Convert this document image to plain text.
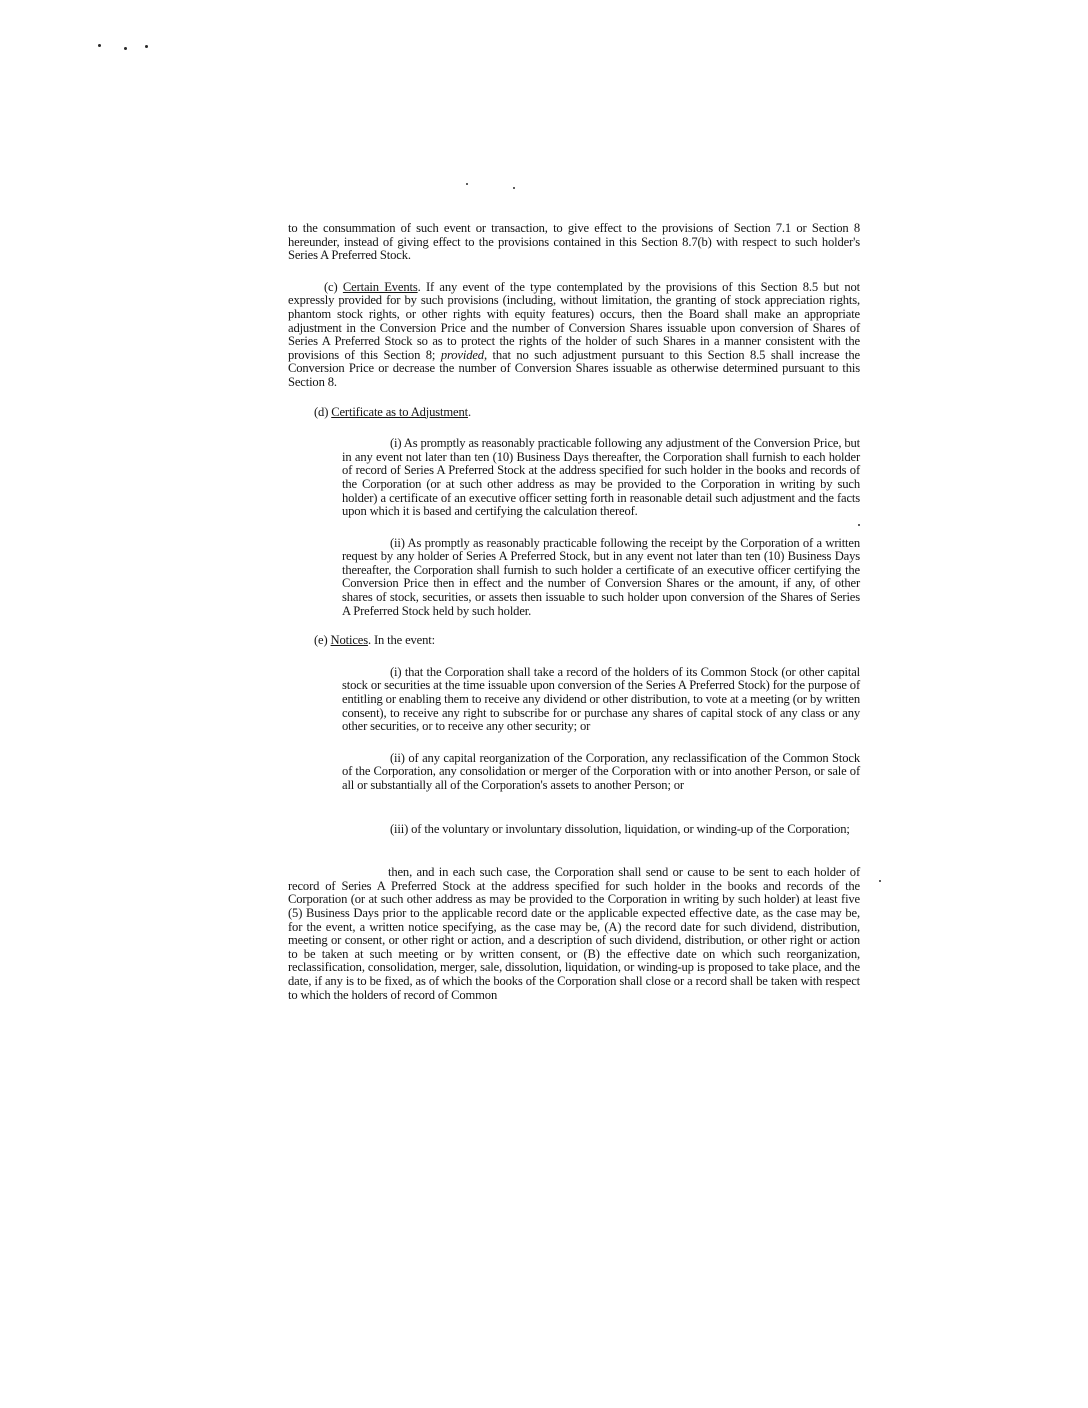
to the consummation of such event or transaction, to give effect to the provisions of Section 7.1 or Section 8 hereunder, instead of giving effect to the provisions contained in this Section 8.7(b) with respect to such holder's Series A Preferred Stock.

(c) Certain Events. If any event of the type contemplated by the provisions of this Section 8.5 but not expressly provided for by such provisions (including, without limitation, the granting of stock appreciation rights, phantom stock rights, or other rights with equity features) occurs, then the Board shall make an appropriate adjustment in the Conversion Price and the number of Conversion Shares issuable upon conversion of Shares of Series A Preferred Stock so as to protect the rights of the holder of such Shares in a manner consistent with the provisions of this Section 8; provided, that no such adjustment pursuant to this Section 8.5 shall increase the Conversion Price or decrease the number of Conversion Shares issuable as otherwise determined pursuant to this Section 8.

(d) Certificate as to Adjustment.

(i) As promptly as reasonably practicable following any adjustment of the Conversion Price, but in any event not later than ten (10) Business Days thereafter, the Corporation shall furnish to each holder of record of Series A Preferred Stock at the address specified for such holder in the books and records of the Corporation (or at such other address as may be provided to the Corporation in writing by such holder) a certificate of an executive officer setting forth in reasonable detail such adjustment and the facts upon which it is based and certifying the calculation thereof.

(ii) As promptly as reasonably practicable following the receipt by the Corporation of a written request by any holder of Series A Preferred Stock, but in any event not later than ten (10) Business Days thereafter, the Corporation shall furnish to such holder a certificate of an executive officer certifying the Conversion Price then in effect and the number of Conversion Shares or the amount, if any, of other shares of stock, securities, or assets then issuable to such holder upon conversion of the Shares of Series A Preferred Stock held by such holder.

(e) Notices. In the event:

(i) that the Corporation shall take a record of the holders of its Common Stock (or other capital stock or securities at the time issuable upon conversion of the Series A Preferred Stock) for the purpose of entitling or enabling them to receive any dividend or other distribution, to vote at a meeting (or by written consent), to receive any right to subscribe for or purchase any shares of capital stock of any class or any other securities, or to receive any other security; or

(ii) of any capital reorganization of the Corporation, any reclassification of the Common Stock of the Corporation, any consolidation or merger of the Corporation with or into another Person, or sale of all or substantially all of the Corporation's assets to another Person; or

(iii) of the voluntary or involuntary dissolution, liquidation, or winding-up of the Corporation;

then, and in each such case, the Corporation shall send or cause to be sent to each holder of record of Series A Preferred Stock at the address specified for such holder in the books and records of the Corporation (or at such other address as may be provided to the Corporation in writing by such holder) at least five (5) Business Days prior to the applicable record date or the applicable expected effective date, as the case may be, for the event, a written notice specifying, as the case may be, (A) the record date for such dividend, distribution, meeting or consent, or other right or action, and a description of such dividend, distribution, or other right or action to be taken at such meeting or by written consent, or (B) the effective date on which such reorganization, reclassification, consolidation, merger, sale, dissolution, liquidation, or winding-up is proposed to take place, and the date, if any is to be fixed, as of which the books of the Corporation shall close or a record shall be taken with respect to which the holders of record of Common
